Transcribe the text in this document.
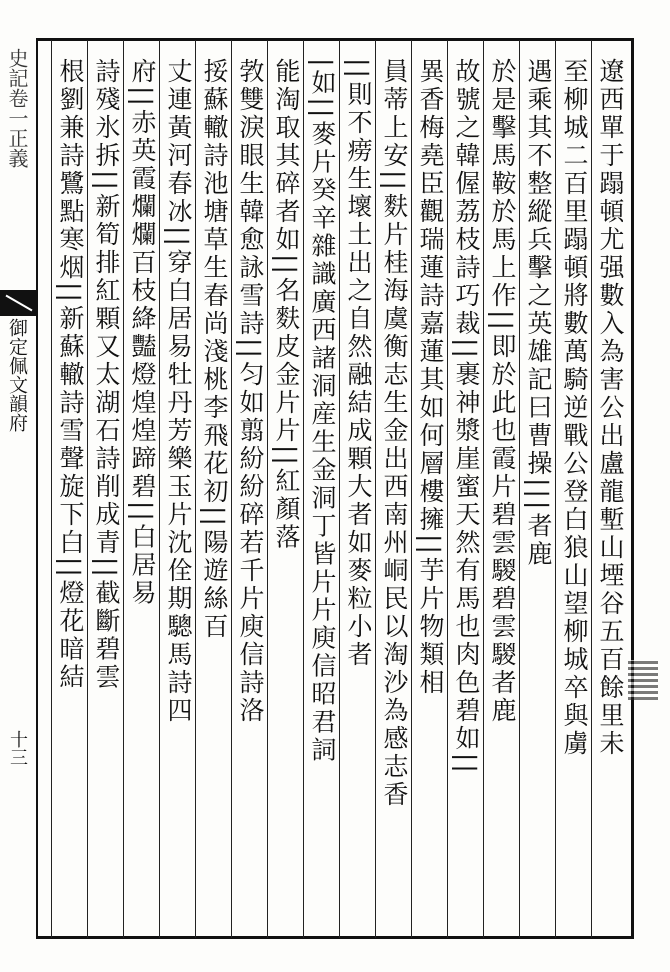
史記卷一正義
御定佩文韻府
十三	遼西單于蹋頓尤强數入為害公出盧龍塹山堙谷五百餘里未
至柳城二百里蹋頓將數萬騎逆戰公登白狼山望柳城卒與虜
遇乘其不整縱兵擊之英雄記曰曹操|||者鹿
於是擊馬鞍於馬上作||即於此也霞片碧雲騣碧雲騣者鹿
故號之韓偓荔枝詩巧裁||裹神漿崖蜜天然有馬也肉色碧如||
異香梅堯臣觀瑞蓮詩嘉蓮其如何層樓擁||芋片物類相
員蒂上安||麩片桂海虞衡志生金出西南州峒民以淘沙為感志香
||則不痨生壞土出之自然融結成顆大者如麥粒小者
|如||麥片癸辛雜識廣西諸洞産生金洞丁皆片片庾信昭君詞
能淘取其碎者如||名麩皮金片片||紅顏落
㪍雙淚眼生韓愈詠雪詩||匀如翦紛紛碎若千片庾信詩洛
挼蘇轍詩池塘草生春尚淺桃李飛花初||陽遊絲百
丈連黃河春冰||穿白居易牡丹芳樂玉片沈佺期驄馬詩四
府||赤英霞爛爛百枝絳豔燈煌煌蹄碧||白居易
詩殘氷拆||新筍排紅顆又太湖石詩削成青||截斷碧雲
根劉兼詩鷺點寒烟||新蘇轍詩雪聲旋下白||燈花暗結
